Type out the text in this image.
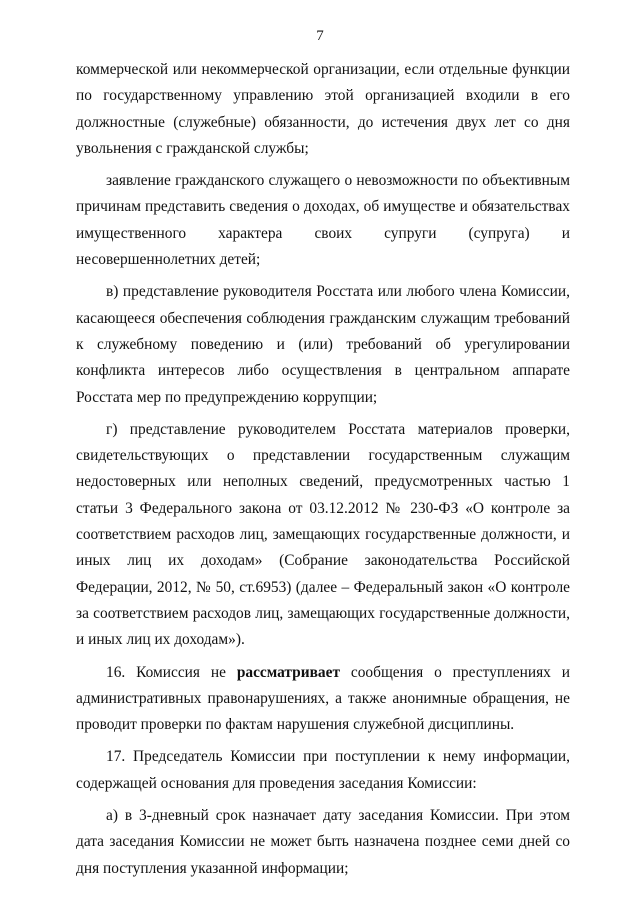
7

коммерческой или некоммерческой организации, если отдельные функции по государственному управлению этой организацией входили в его должностные (служебные) обязанности, до истечения двух лет со дня увольнения с гражданской службы;

заявление гражданского служащего о невозможности по объективным причинам представить сведения о доходах, об имуществе и обязательствах имущественного характера своих супруги (супруга) и несовершеннолетних детей;

в) представление руководителя Росстата или любого члена Комиссии, касающееся обеспечения соблюдения гражданским служащим требований к служебному поведению и (или) требований об урегулировании конфликта интересов либо осуществления в центральном аппарате Росстата мер по предупреждению коррупции;

г) представление руководителем Росстата материалов проверки, свидетельствующих о представлении государственным служащим недостоверных или неполных сведений, предусмотренных частью 1 статьи 3 Федерального закона от 03.12.2012 № 230-ФЗ «О контроле за соответствием расходов лиц, замещающих государственные должности, и иных лиц их доходам» (Собрание законодательства Российской Федерации, 2012, № 50, ст.6953) (далее – Федеральный закон «О контроле за соответствием расходов лиц, замещающих государственные должности, и иных лиц их доходам»).

16. Комиссия не рассматривает сообщения о преступлениях и административных правонарушениях, а также анонимные обращения, не проводит проверки по фактам нарушения служебной дисциплины.

17. Председатель Комиссии при поступлении к нему информации, содержащей основания для проведения заседания Комиссии:

а) в 3-дневный срок назначает дату заседания Комиссии. При этом дата заседания Комиссии не может быть назначена позднее семи дней со дня поступления указанной информации;
